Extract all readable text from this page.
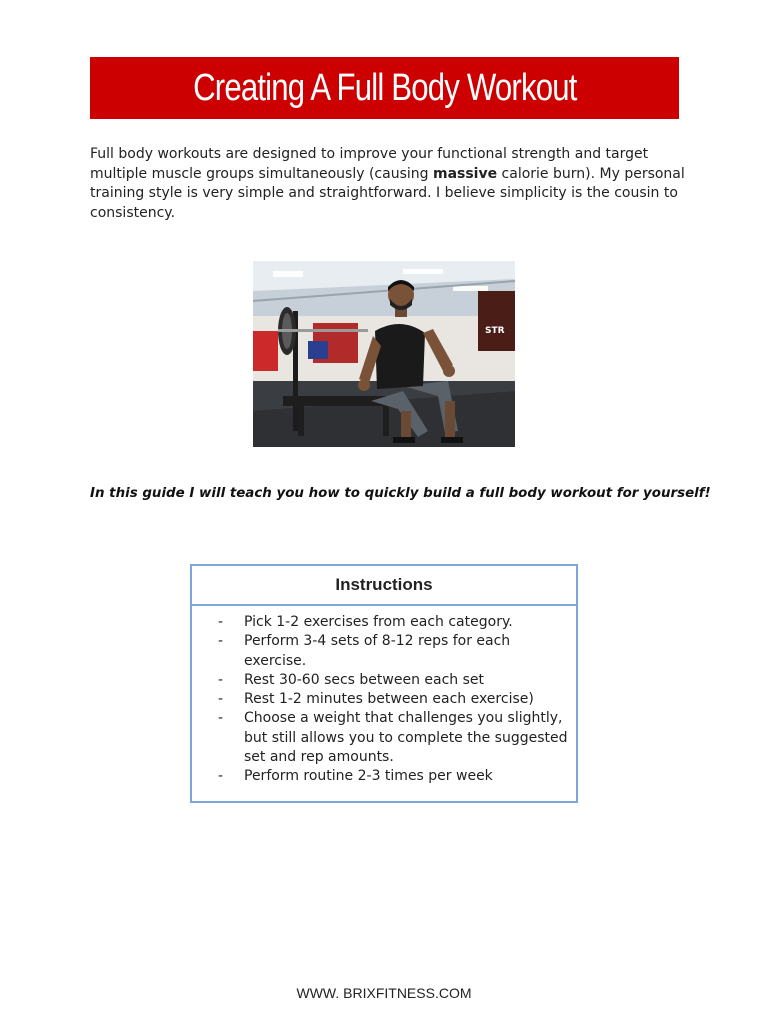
Creating A Full Body Workout

Full body workouts are designed to improve your functional strength and target multiple muscle groups simultaneously (causing massive calorie burn). My personal training style is very simple and straightforward. I believe simplicity is the cousin to consistency.

STR

In this guide I will teach you how to quickly build a full body workout for yourself!

Instructions
- Pick 1-2 exercises from each category.
- Perform 3-4 sets of 8-12 reps for each exercise.
- Rest 30-60 secs between each set
- Rest 1-2 minutes between each exercise)
- Choose a weight that challenges you slightly, but still allows you to complete the suggested set and rep amounts.
- Perform routine 2-3 times per week
WWW. BRIXFITNESS.COM
